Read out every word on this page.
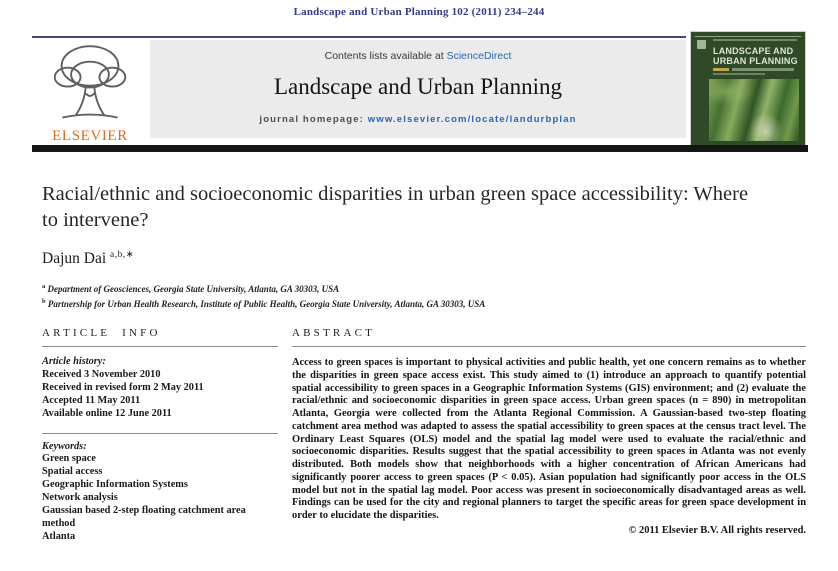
Landscape and Urban Planning 102 (2011) 234–244
ELSEVIER
Contents lists available at ScienceDirect
Landscape and Urban Planning
journal homepage: www.elsevier.com/locate/landurbplan
LANDSCAPE AND
URBAN PLANNING
Racial/ethnic and socioeconomic disparities in urban green space accessibility: Where to intervene?
Dajun Dai $^{a,b,∗}$
$^a$ Department of Geosciences, Georgia State University, Atlanta, GA 30303, USA
$^b$ Partnership for Urban Health Research, Institute of Public Health, Georgia State University, Atlanta, GA 30303, USA
ARTICLE INFO
Article history:
Received 3 November 2010
Received in revised form 2 May 2011
Accepted 11 May 2011
Available online 12 June 2011
Keywords:
Green space
Spatial access
Geographic Information Systems
Network analysis
Gaussian based 2-step floating catchment area method
Atlanta
ABSTRACT
Access to green spaces is important to physical activities and public health, yet one concern remains as to whether the disparities in green space access exist. This study aimed to (1) introduce an approach to quantify potential spatial accessibility to green spaces in a Geographic Information Systems (GIS) environment; and (2) evaluate the racial/ethnic and socioeconomic disparities in green space access. Urban green spaces (n = 890) in metropolitan Atlanta, Georgia were collected from the Atlanta Regional Commission. A Gaussian-based two-step floating catchment area method was adapted to assess the spatial accessibility to green spaces at the census tract level. The Ordinary Least Squares (OLS) model and the spatial lag model were used to evaluate the racial/ethnic and socioeconomic disparities. Results suggest that the spatial accessibility to green spaces in Atlanta was not evenly distributed. Both models show that neighborhoods with a higher concentration of African Americans had significantly poorer access to green spaces (P < 0.05). Asian population had significantly poor access in the OLS model but not in the spatial lag model. Poor access was present in socioeconomically disadvantaged areas as well. Findings can be used for the city and regional planners to target the specific areas for green space development in order to elucidate the disparities.
© 2011 Elsevier B.V. All rights reserved.
